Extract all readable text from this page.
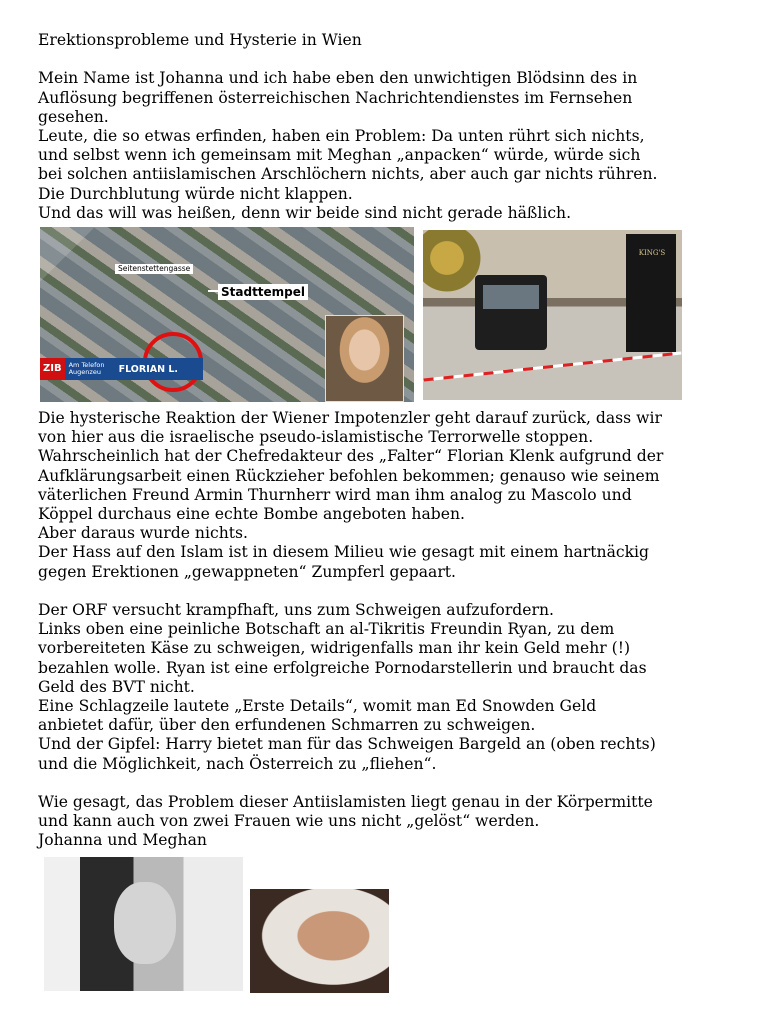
Erektionsprobleme und Hysterie in Wien

Mein Name ist Johanna und ich habe eben den unwichtigen Blödsinn des in

Auflösung begriffenen österreichischen Nachrichtendienstes im Fernsehen

gesehen.

Leute, die so etwas erfinden, haben ein Problem: Da unten rührt sich nichts,

und selbst wenn ich gemeinsam mit Meghan „anpacken“ würde, würde sich

bei solchen antiislamischen Arschlöchern nichts, aber auch gar nichts rühren.

Die Durchblutung würde nicht klappen.

Und das will was heißen, denn wir beide sind nicht gerade häßlich.

Seitenstettengasse
Stadttempel
ZIB	Am Telefon
Augenzeu	FLORIAN L.
KING'S

Die hysterische Reaktion der Wiener Impotenzler geht darauf zurück, dass wir

von hier aus die israelische pseudo-islamistische Terrorwelle stoppen.

Wahrscheinlich hat der Chefredakteur des „Falter“ Florian Klenk aufgrund der

Aufklärungsarbeit einen Rückzieher befohlen bekommen; genauso wie seinem

väterlichen Freund Armin Thurnherr wird man ihm analog zu Mascolo und

Köppel durchaus eine echte Bombe angeboten haben.

Aber daraus wurde nichts.

Der Hass auf den Islam ist in diesem Milieu wie gesagt mit einem hartnäckig

gegen Erektionen „gewappneten“ Zumpferl gepaart.

Der ORF versucht krampfhaft, uns zum Schweigen aufzufordern.

Links oben eine peinliche Botschaft an al-Tikritis Freundin Ryan, zu dem

vorbereiteten Käse zu schweigen, widrigenfalls man ihr kein Geld mehr (!)

bezahlen wolle. Ryan ist eine erfolgreiche Pornodarstellerin und braucht das

Geld des BVT nicht.

Eine Schlagzeile lautete „Erste Details“, womit man Ed Snowden Geld

anbietet dafür, über den erfundenen Schmarren zu schweigen.

Und der Gipfel: Harry bietet man für das Schweigen Bargeld an (oben rechts)

und die Möglichkeit, nach Österreich zu „fliehen“.

Wie gesagt, das Problem dieser Antiislamisten liegt genau in der Körpermitte

und kann auch von zwei Frauen wie uns nicht „gelöst“ werden.

Johanna und Meghan
